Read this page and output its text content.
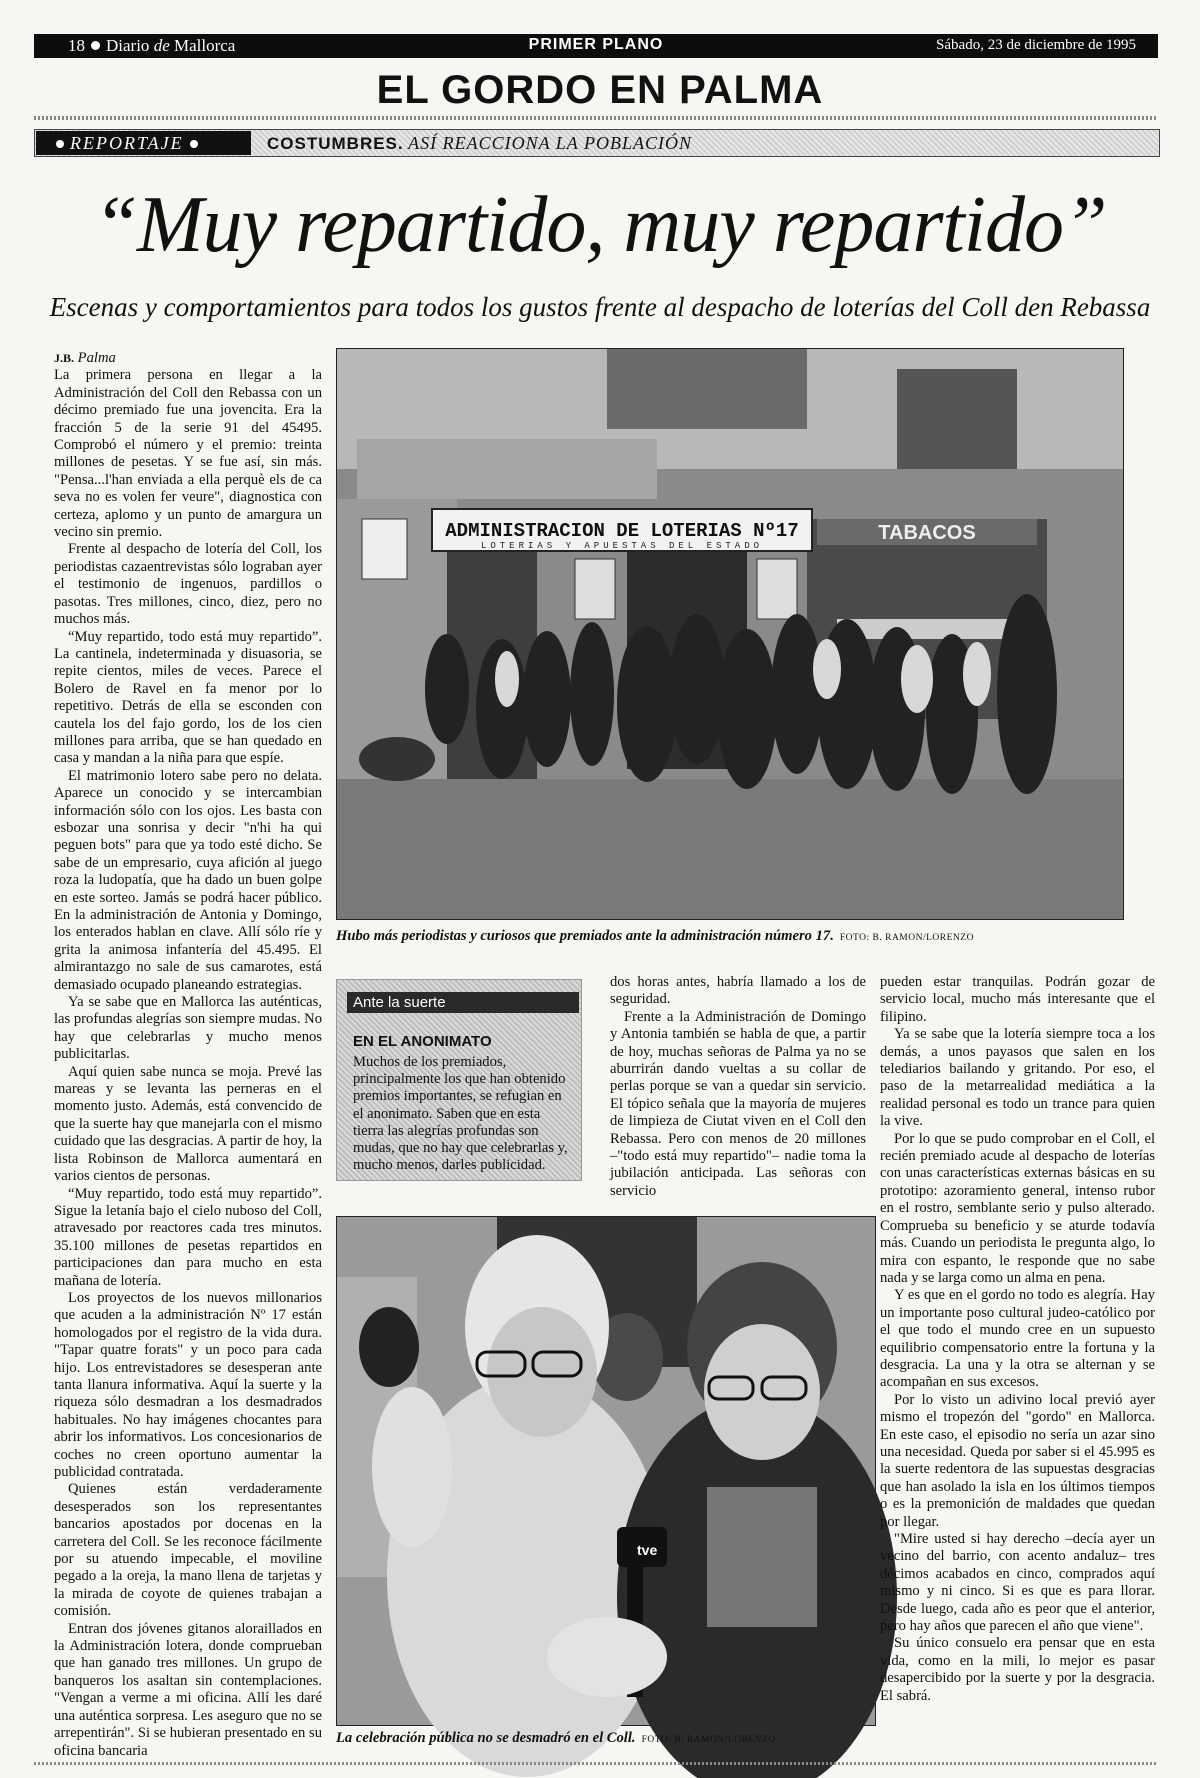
18 Diario de Mallorca	PRIMER PLANO	Sábado, 23 de diciembre de 1995
EL GORDO EN PALMA
REPORTAJE	COSTUMBRES. ASÍ REACCIONA LA POBLACIÓN
“Muy repartido, muy repartido”
Escenas y comportamientos para todos los gustos frente al despacho de loterías del Coll den Rebassa

J.B. Palma

La primera persona en llegar a la Administración del Coll den Rebassa con un décimo premiado fue una jovencita. Era la fracción 5 de la serie 91 del 45495. Comprobó el número y el premio: treinta millones de pesetas. Y se fue así, sin más. "Pensa...l'han enviada a ella perquè els de ca seva no es volen fer veure", diagnostica con certeza, aplomo y un punto de amargura un vecino sin premio.

Frente al despacho de lotería del Coll, los periodistas cazaentrevistas sólo lograban ayer el testimonio de ingenuos, pardillos o pasotas. Tres millones, cinco, diez, pero no muchos más.

“Muy repartido, todo está muy repartido”. La cantinela, indeterminada y disuasoria, se repite cientos, miles de veces. Parece el Bolero de Ravel en fa menor por lo repetitivo. Detrás de ella se esconden con cautela los del fajo gordo, los de los cien millones para arriba, que se han quedado en casa y mandan a la niña para que espíe.

El matrimonio lotero sabe pero no delata. Aparece un conocido y se intercambian información sólo con los ojos. Les basta con esbozar una sonrisa y decir "n'hi ha qui peguen bots" para que ya todo esté dicho. Se sabe de un empresario, cuya afición al juego roza la ludopatía, que ha dado un buen golpe en este sorteo. Jamás se podrá hacer público. En la administración de Antonia y Domingo, los enterados hablan en clave. Allí sólo ríe y grita la animosa infantería del 45.495. El almirantazgo no sale de sus camarotes, está demasiado ocupado planeando estrategias.

Ya se sabe que en Mallorca las auténticas, las profundas alegrías son siempre mudas. No hay que celebrarlas y mucho menos publicitarlas.

Aquí quien sabe nunca se moja. Prevé las mareas y se levanta las perneras en el momento justo. Además, está convencido de que la suerte hay que manejarla con el mismo cuidado que las desgracias. A partir de hoy, la lista Robinson de Mallorca aumentará en varios cientos de personas.

“Muy repartido, todo está muy repartido”. Sigue la letanía bajo el cielo nuboso del Coll, atravesado por reactores cada tres minutos. 35.100 millones de pesetas repartidos en participaciones dan para mucho en esta mañana de lotería.

Los proyectos de los nuevos millonarios que acuden a la administración Nº 17 están homologados por el registro de la vida dura. "Tapar quatre forats" y un poco para cada hijo. Los entrevistadores se desesperan ante tanta llanura informativa. Aquí la suerte y la riqueza sólo desmadran a los desmadrados habituales. No hay imágenes chocantes para abrir los informativos. Los concesionarios de coches no creen oportuno aumentar la publicidad contratada.

Quienes están verdaderamente desesperados son los representantes bancarios apostados por docenas en la carretera del Coll. Se les reconoce fácilmente por su atuendo impecable, el moviline pegado a la oreja, la mano llena de tarjetas y la mirada de coyote de quienes trabajan a comisión.

Entran dos jóvenes gitanos aloraillados en la Administración lotera, donde comprueban que han ganado tres millones. Un grupo de banqueros los asaltan sin contemplaciones. "Vengan a verme a mi oficina. Allí les daré una auténtica sorpresa. Les aseguro que no se arrepentirán". Si se hubieran presentado en su oficina bancaria

ADMINISTRACION DE LOTERIAS Nº17
LOTERIAS Y APUESTAS DEL ESTADO
TABACOS
Hubo más periodistas y curiosos que premiados ante la administración número 17. FOTO: B. RAMON/LORENZO
Ante la suerte
EN EL ANONIMATO
Muchos de los premiados, principalmente los que han obtenido premios importantes, se refugian en el anonimato. Saben que en esta tierra las alegrías profundas son mudas, que no hay que celebrarlas y, mucho menos, darles publicidad.

dos horas antes, habría llamado a los de seguridad.

Frente a la Administración de Domingo y Antonia también se habla de que, a partir de hoy, muchas señoras de Palma ya no se aburrirán dando vueltas a su collar de perlas porque se van a quedar sin servicio. El tópico señala que la mayoría de mujeres de limpieza de Ciutat viven en el Coll den Rebassa. Pero con menos de 20 millones –"todo está muy repartido"– nadie toma la jubilación anticipada. Las señoras con servicio

tve
La celebración pública no se desmadró en el Coll. FOTO: B. RAMON/LORENZO

pueden estar tranquilas. Podrán gozar de servicio local, mucho más interesante que el filipino.

Ya se sabe que la lotería siempre toca a los demás, a unos payasos que salen en los telediarios bailando y gritando. Por eso, el paso de la metarrealidad mediática a la realidad personal es todo un trance para quien la vive.

Por lo que se pudo comprobar en el Coll, el recién premiado acude al despacho de loterías con unas características externas básicas en su prototipo: azoramiento general, intenso rubor en el rostro, semblante serio y pulso alterado. Comprueba su beneficio y se aturde todavía más. Cuando un periodista le pregunta algo, lo mira con espanto, le responde que no sabe nada y se larga como un alma en pena.

Y es que en el gordo no todo es alegría. Hay un importante poso cultural judeo-católico por el que todo el mundo cree en un supuesto equilibrio compensatorio entre la fortuna y la desgracia. La una y la otra se alternan y se acompañan en sus excesos.

Por lo visto un adivino local previó ayer mismo el tropezón del "gordo" en Mallorca. En este caso, el episodio no sería un azar sino una necesidad. Queda por saber si el 45.995 es la suerte redentora de las supuestas desgracias que han asolado la isla en los últimos tiempos o es la premonición de maldades que quedan por llegar.

"Mire usted si hay derecho –decía ayer un vecino del barrio, con acento andaluz– tres décimos acabados en cinco, comprados aquí mismo y ni cinco. Si es que es para llorar. Desde luego, cada año es peor que el anterior, pero hay años que parecen el año que viene".

Su único consuelo era pensar que en esta vida, como en la mili, lo mejor es pasar desapercibido por la suerte y por la desgracia. El sabrá.
